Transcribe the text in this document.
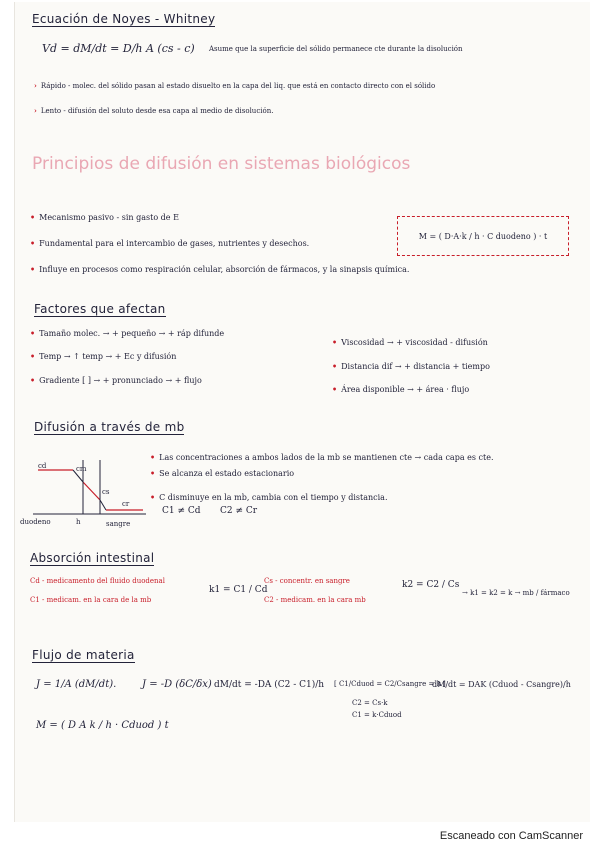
Ecuación de Noyes - Whitney
Vd = dM/dt = D/h A (cs - c) Asume que la superficie del sólido permanece cte durante la disolución
› Rápido - molec. del sólido pasan al estado disuelto en la capa del liq. que está en contacto directo con el sólido
› Lento - difusión del soluto desde esa capa al medio de disolución.
Principios de difusión en sistemas biológicos
• Mecanismo pasivo - sin gasto de E
• Fundamental para el intercambio de gases, nutrientes y desechos.
• Influye en procesos como respiración celular, absorción de fármacos, y la sinapsis química.
M = ( D·A·k / h · C duodeno ) · t
Factores que afectan
• Tamaño molec. → + pequeño → + ráp difunde
• Temp → ↑ temp → + Ec y difusión
• Gradiente [ ] → + pronunciado → + flujo
• Viscosidad → + viscosidad - difusión
• Distancia dif → + distancia + tiempo
• Área disponible → + área · flujo
Difusión a través de mb
cd	cm
cs
cr
duodeno	h	sangre
• Las concentraciones a ambos lados de la mb se mantienen cte → cada capa es cte.
• Se alcanza el estado estacionario
• C disminuye en la mb, cambia con el tiempo y distancia.
C1 ≠ Cd C2 ≠ Cr
Absorción intestinal
Cd - medicamento del fluido duodenal
C1 - medicam. en la cara de la mb
k1 = C1 / Cd
Cs - concentr. en sangre
C2 - medicam. en la cara mb
k2 = C2 / Cs
→ k1 = k2 = k → mb / fármaco
Flujo de materia
J = 1/A (dM/dt).	J = -D (δC/δx) dM/dt = -DA (C2 - C1)/h [ C1/Cduod = C2/Csangre = k ]
dM/dt = DAK (Cduod - Csangre)/h
C2 = Cs·k
C1 = k·Cduod
M = ( D A k / h · Cduod ) t
Escaneado con CamScanner
